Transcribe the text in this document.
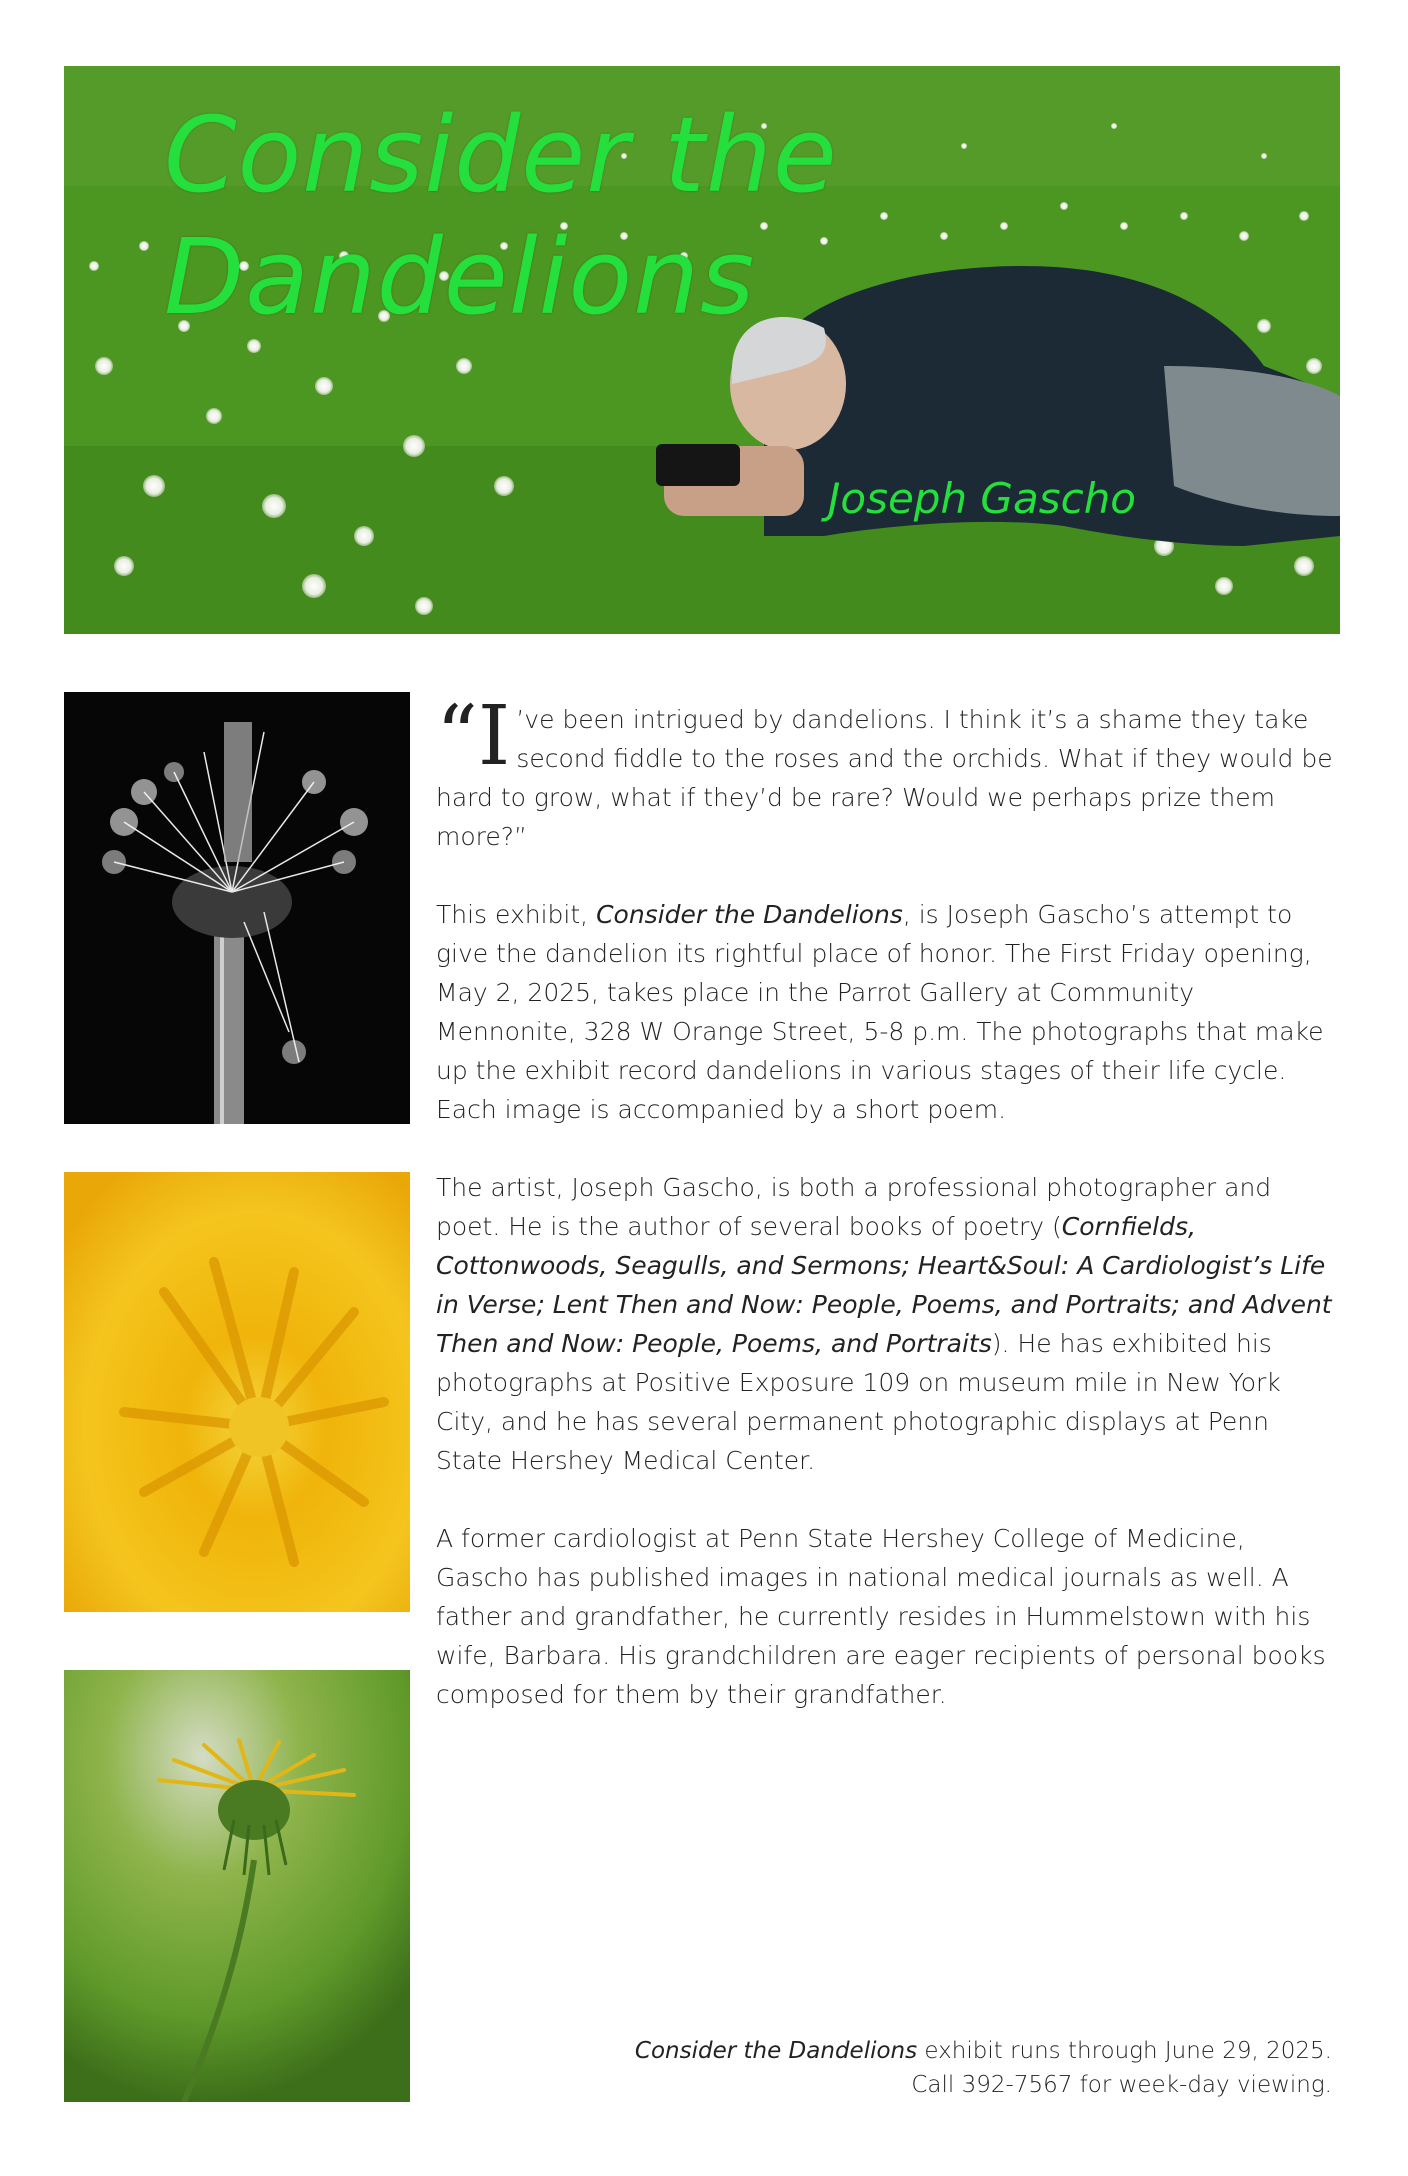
Consider the Dandelions
Joseph Gascho

“I ’ve been intrigued by dandelions. I think it’s a shame they take second fiddle to the roses and the orchids. What if they would be hard to grow, what if they’d be rare? Would we perhaps prize them more?”

This exhibit, Consider the Dandelions, is Joseph Gascho’s attempt to give the dandelion its rightful place of honor. The First Friday opening, May 2, 2025, takes place in the Parrot Gallery at Community Mennonite, 328 W Orange Street, 5-8 p.m. The photographs that make up the exhibit record dandelions in various stages of their life cycle. Each image is accompanied by a short poem.

The artist, Joseph Gascho, is both a professional photographer and poet. He is the author of several books of poetry (Cornfields, Cottonwoods, Seagulls, and Sermons; Heart&Soul: A Cardiologist’s Life in Verse; Lent Then and Now: People, Poems, and Portraits; and Advent Then and Now: People, Poems, and Portraits). He has exhibited his photographs at Positive Exposure 109 on museum mile in New York City, and he has several permanent photographic displays at Penn State Hershey Medical Center.

A former cardiologist at Penn State Hershey College of Medicine, Gascho has published images in national medical journals as well. A father and grandfather, he currently resides in Hummelstown with his wife, Barbara. His grandchildren are eager recipients of personal books composed for them by their grandfather.

Consider the Dandelions exhibit runs through June 29, 2025.
Call 392-7567 for week-day viewing.
